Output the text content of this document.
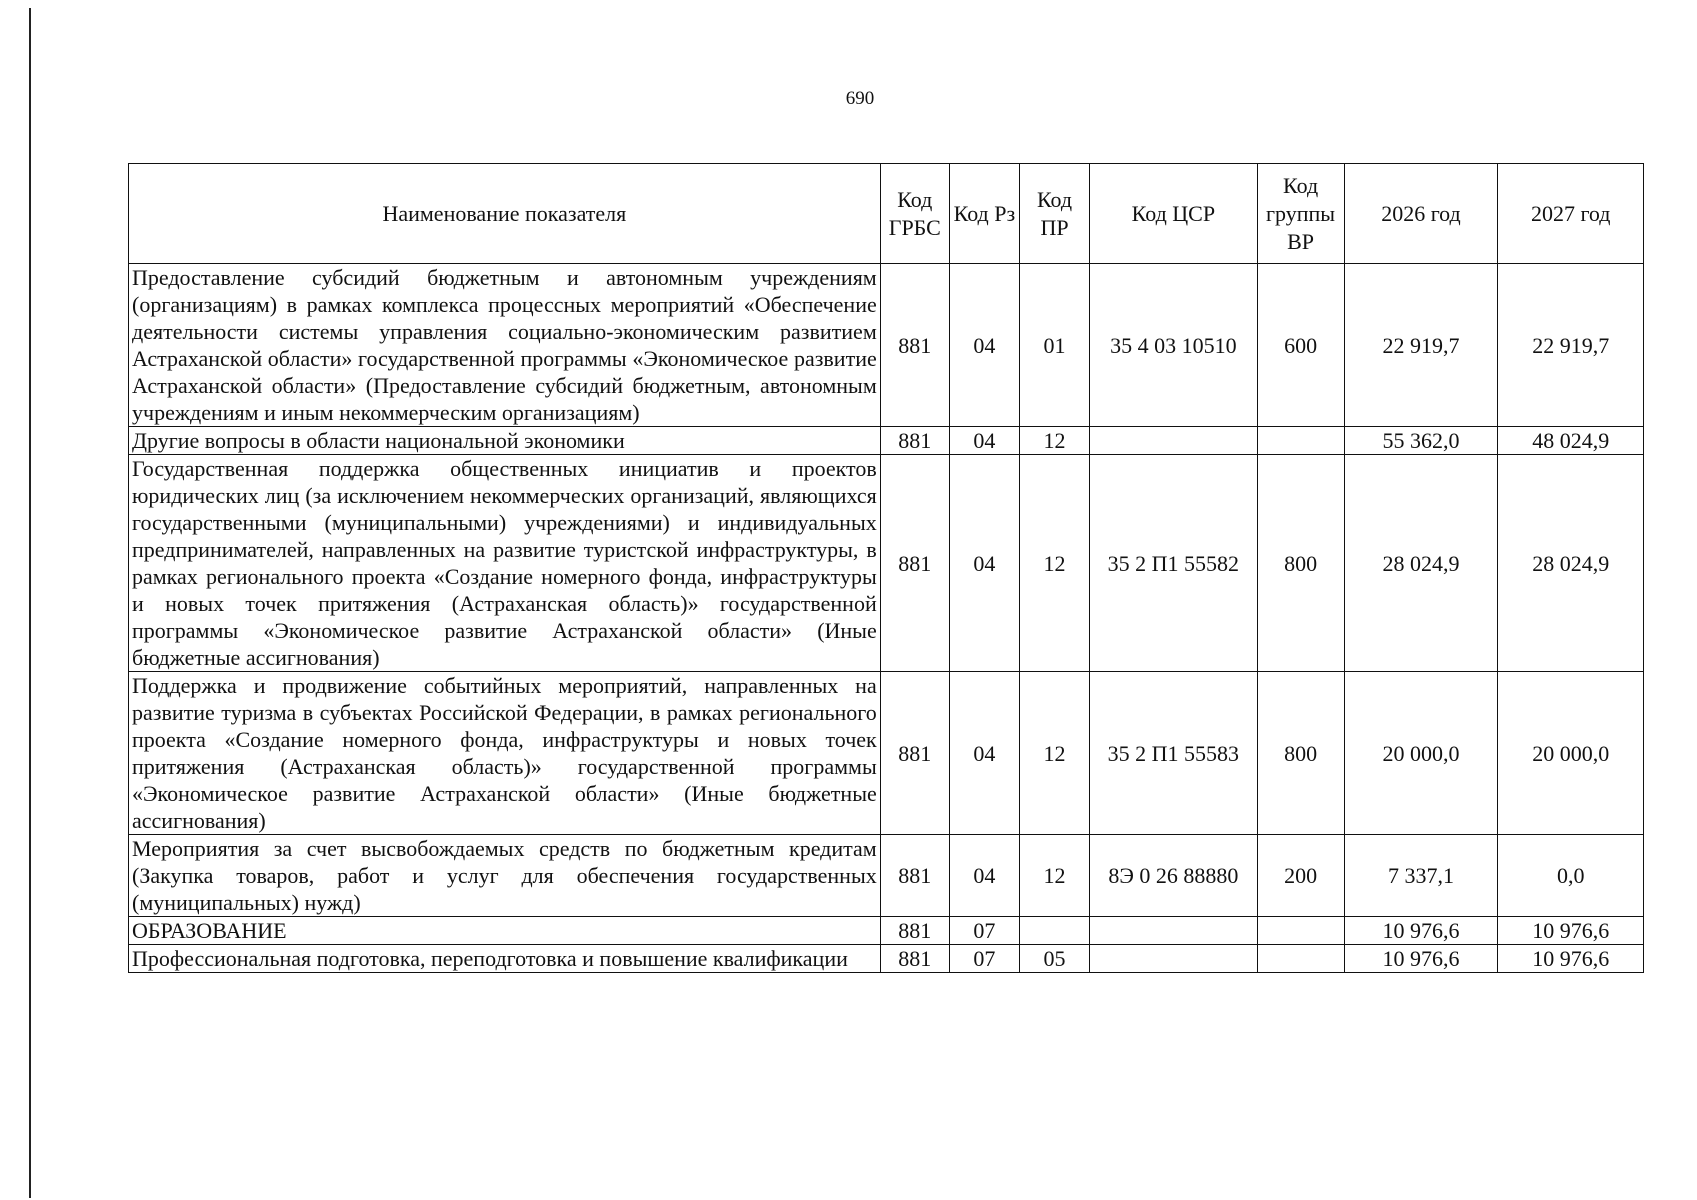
690
Наименование показателя	Код ГРБС	Код Рз	Код ПР	Код ЦСР	Код группы ВР	2026 год	2027 год
Предоставление субсидий бюджетным и автономным учреждениям (организациям) в рамках комплекса процессных мероприятий «Обеспечение деятельности системы управления социально-экономическим развитием Астраханской области» государственной программы «Экономическое развитие Астраханской области» (Предоставление субсидий бюджетным, автономным учреждениям и иным некоммерческим организациям)	881	04	01	35 4 03 10510	600	22 919,7	22 919,7
Другие вопросы в области национальной экономики	881	04	12			55 362,0	48 024,9
Государственная поддержка общественных инициатив и проектов юридических лиц (за исключением некоммерческих организаций, являющихся государственными (муниципальными) учреждениями) и индивидуальных предпринимателей, направленных на развитие туристской инфраструктуры, в рамках регионального проекта «Создание номерного фонда, инфраструктуры и новых точек притяжения (Астраханская область)» государственной программы «Экономическое развитие Астраханской области» (Иные бюджетные ассигнования)	881	04	12	35 2 П1 55582	800	28 024,9	28 024,9
Поддержка и продвижение событийных мероприятий, направленных на развитие туризма в субъектах Российской Федерации, в рамках регионального проекта «Создание номерного фонда, инфраструктуры и новых точек притяжения (Астраханская область)» государственной программы «Экономическое развитие Астраханской области» (Иные бюджетные ассигнования)	881	04	12	35 2 П1 55583	800	20 000,0	20 000,0
Мероприятия за счет высвобождаемых средств по бюджетным кредитам (Закупка товаров, работ и услуг для обеспечения государственных (муниципальных) нужд)	881	04	12	8Э 0 26 88880	200	7 337,1	0,0
ОБРАЗОВАНИЕ	881	07				10 976,6	10 976,6
Профессиональная подготовка, переподготовка и повышение квалификации	881	07	05			10 976,6	10 976,6
